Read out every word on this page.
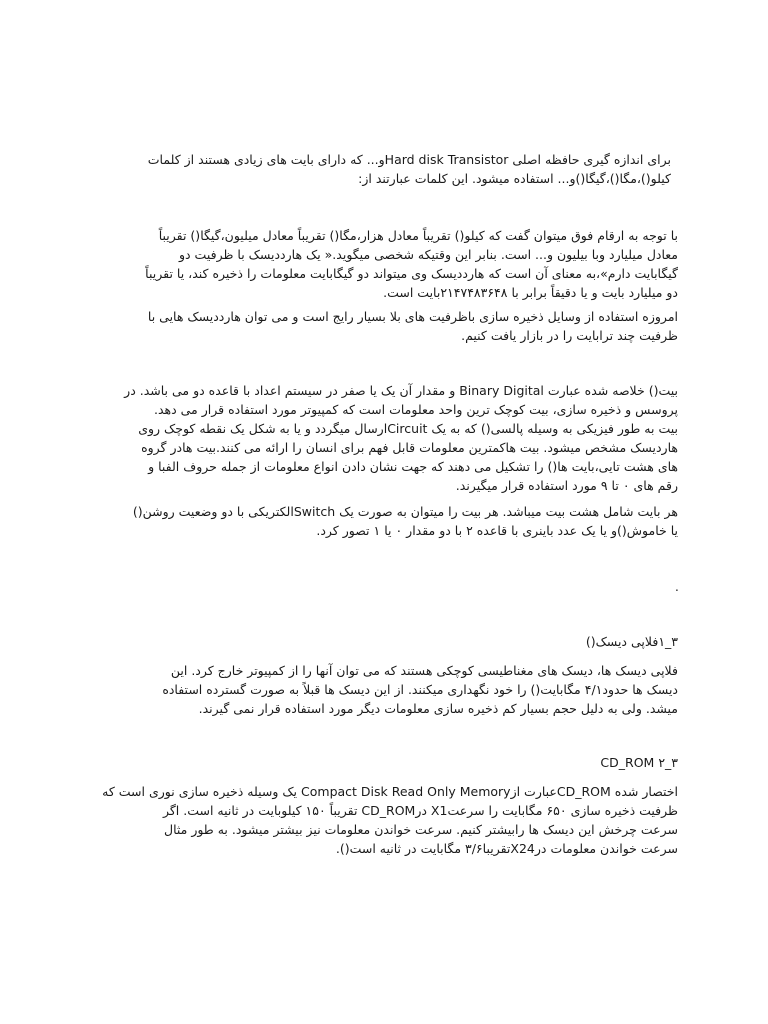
برای اندازه گیری حافظه اصلی Hard disk Transistorو... که دارای بایت های زیادی هستند از کلمات
کیلو()،مگا()،گیگا()و... استفاده میشود. این کلمات عبارتند از:
با توجه به ارقام فوق میتوان گفت که کیلو() تقریباً معادل هزار،مگا() تقریباً معادل میلیون،گیگا() تقریباً
معادل میلیارد وبا بیلیون و... است. بنابر این وقتیکه شخصی میگوید.« یک هارددیسک با ظرفیت دو
گیگابایت دارم»،به معنای آن است که هارددیسک وی میتواند دو گیگابایت معلومات را ذخیره کند، یا تقریباً
دو میلیارد بایت و یا دقیقاً برابر با ۲۱۴۷۴۸۳۶۴۸بایت است.
امروزه استفاده از وسایل ذخیره سازی باظرفیت های بلا بسیار رایج است و می توان هارددیسک هایی با
ظرفیت چند ترابایت را در بازار یافت کنیم.
بیت() خلاصه شده عبارت Binary Digital و مقدار آن یک یا صفر در سیستم اعداد با قاعده دو می باشد. در
پروسس و ذخیره سازی، بیت کوچک ترین واحد معلومات است که کمپیوتر مورد استفاده قرار می دهد.
بیت به طور فیزیکی به وسیله پالسی() که به یک Circuitارسال میگردد و یا به شکل یک نقطه کوچک روی
هاردیسک مشخص میشود. بیت هاکمترین معلومات قابل فهم برای انسان را ارائه می کنند.بیت هادر گروه
های هشت تایی،بایت ها() را تشکیل می دهند که جهت نشان دادن انواع معلومات از جمله حروف الفبا و
رقم های ۰ تا ۹ مورد استفاده قرار میگیرند.
هر بایت شامل هشت بیت میباشد. هر بیت را میتوان به صورت یک Switchالکتریکی با دو وضعیت روشن()
یا خاموش()و یا یک عدد باینری با قاعده ۲ با دو مقدار ۰ یا ۱ تصور کرد.
.
۳_۱فلاپی دیسک()
فلاپی دیسک ها، دیسک های مغناطیسی کوچکی هستند که می توان آنها را از کمپیوتر خارج کرد. این
دیسک ها حدود۴/۱ مگابایت() را خود نگهداری میکنند. از این دیسک ها قبلاً به صورت گسترده استفاده
میشد. ولی به دلیل حجم بسیار کم ذخیره سازی معلومات دیگر مورد استفاده قرار نمی گیرند.
۳_۲ CD_ROM
اختصار شده CD_ROMعبارت ازCompact Disk Read Only Memory یک وسیله ذخیره سازی نوری است که
ظرفیت ذخیره سازی ۶۵۰ مگابایت را سرعتX1 درCD_ROM تقریباً ۱۵۰ کیلوبایت در ثانیه است. اگر
سرعت چرخش این دیسک ها رابیشتر کنیم. سرعت خواندن معلومات نیز بیشتر میشود. به طور مثال
سرعت خواندن معلومات درX24تقریبا۳/۶ مگابایت در ثانیه است().
